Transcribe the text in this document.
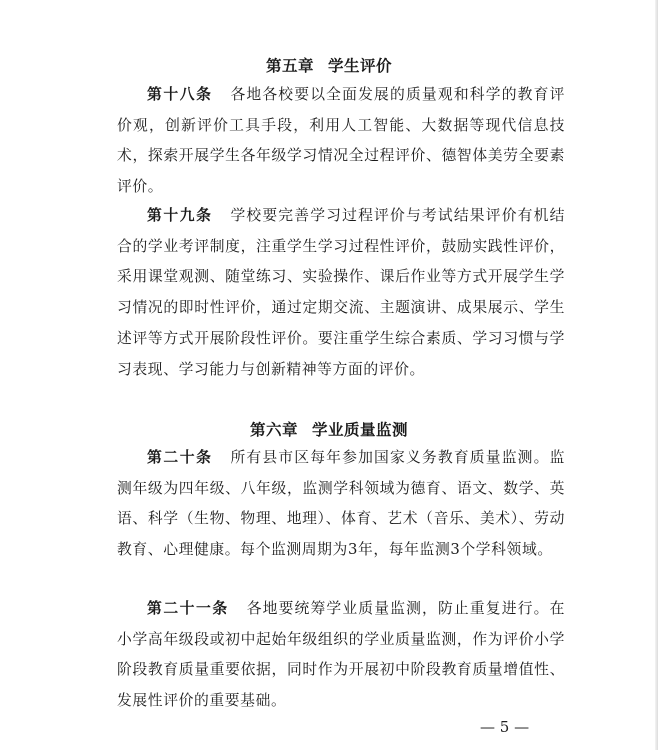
第五章 学生评价

第十八条 各地各校要以全面发展的质量观和科学的教育评价观，创新评价工具手段，利用人工智能、大数据等现代信息技术，探索开展学生各年级学习情况全过程评价、德智体美劳全要素评价。

第十九条 学校要完善学习过程评价与考试结果评价有机结合的学业考评制度，注重学生学习过程性评价，鼓励实践性评价，采用课堂观测、随堂练习、实验操作、课后作业等方式开展学生学习情况的即时性评价，通过定期交流、主题演讲、成果展示、学生述评等方式开展阶段性评价。要注重学生综合素质、学习习惯与学习表现、学习能力与创新精神等方面的评价。

第六章 学业质量监测

第二十条 所有县市区每年参加国家义务教育质量监测。监测年级为四年级、八年级，监测学科领域为德育、语文、数学、英语、科学（生物、物理、地理）、体育、艺术（音乐、美术）、劳动教育、心理健康。每个监测周期为3年，每年监测3个学科领域。

第二十一条 各地要统筹学业质量监测，防止重复进行。在小学高年级段或初中起始年级组织的学业质量监测，作为评价小学阶段教育质量重要依据，同时作为开展初中阶段教育质量增值性、发展性评价的重要基础。

— 5 —
